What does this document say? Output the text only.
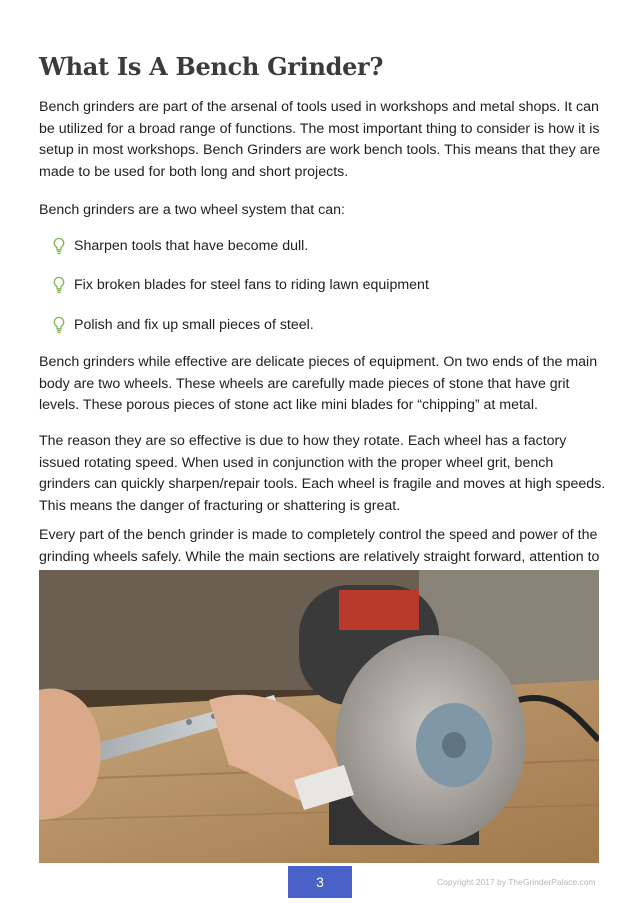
What Is A Bench Grinder?

Bench grinders are part of the arsenal of tools used in workshops and metal shops. It can be utilized for a broad range of functions. The most important thing to consider is how it is setup in most workshops. Bench Grinders are work bench tools. This means that they are made to be used for both long and short projects.

Bench grinders are a two wheel system that can:

Sharpen tools that have become dull.
Fix broken blades for steel fans to riding lawn equipment
Polish and fix up small pieces of steel.

Bench grinders while effective are delicate pieces of equipment. On two ends of the main body are two wheels. These wheels are carefully made pieces of stone that have grit levels. These porous pieces of stone act like mini blades for “chipping” at metal.

The reason they are so effective is due to how they rotate. Each wheel has a factory issued rotating speed. When used in conjunction with the proper wheel grit, bench grinders can quickly sharpen/repair tools. Each wheel is fragile and moves at high speeds. This means the danger of fracturing or shattering is great.

Every part of the bench grinder is made to completely control the speed and power of the grinding wheels safely. While the main sections are relatively straight forward, attention to

3	Copyright 2017 by TheGrinderPalace.com
